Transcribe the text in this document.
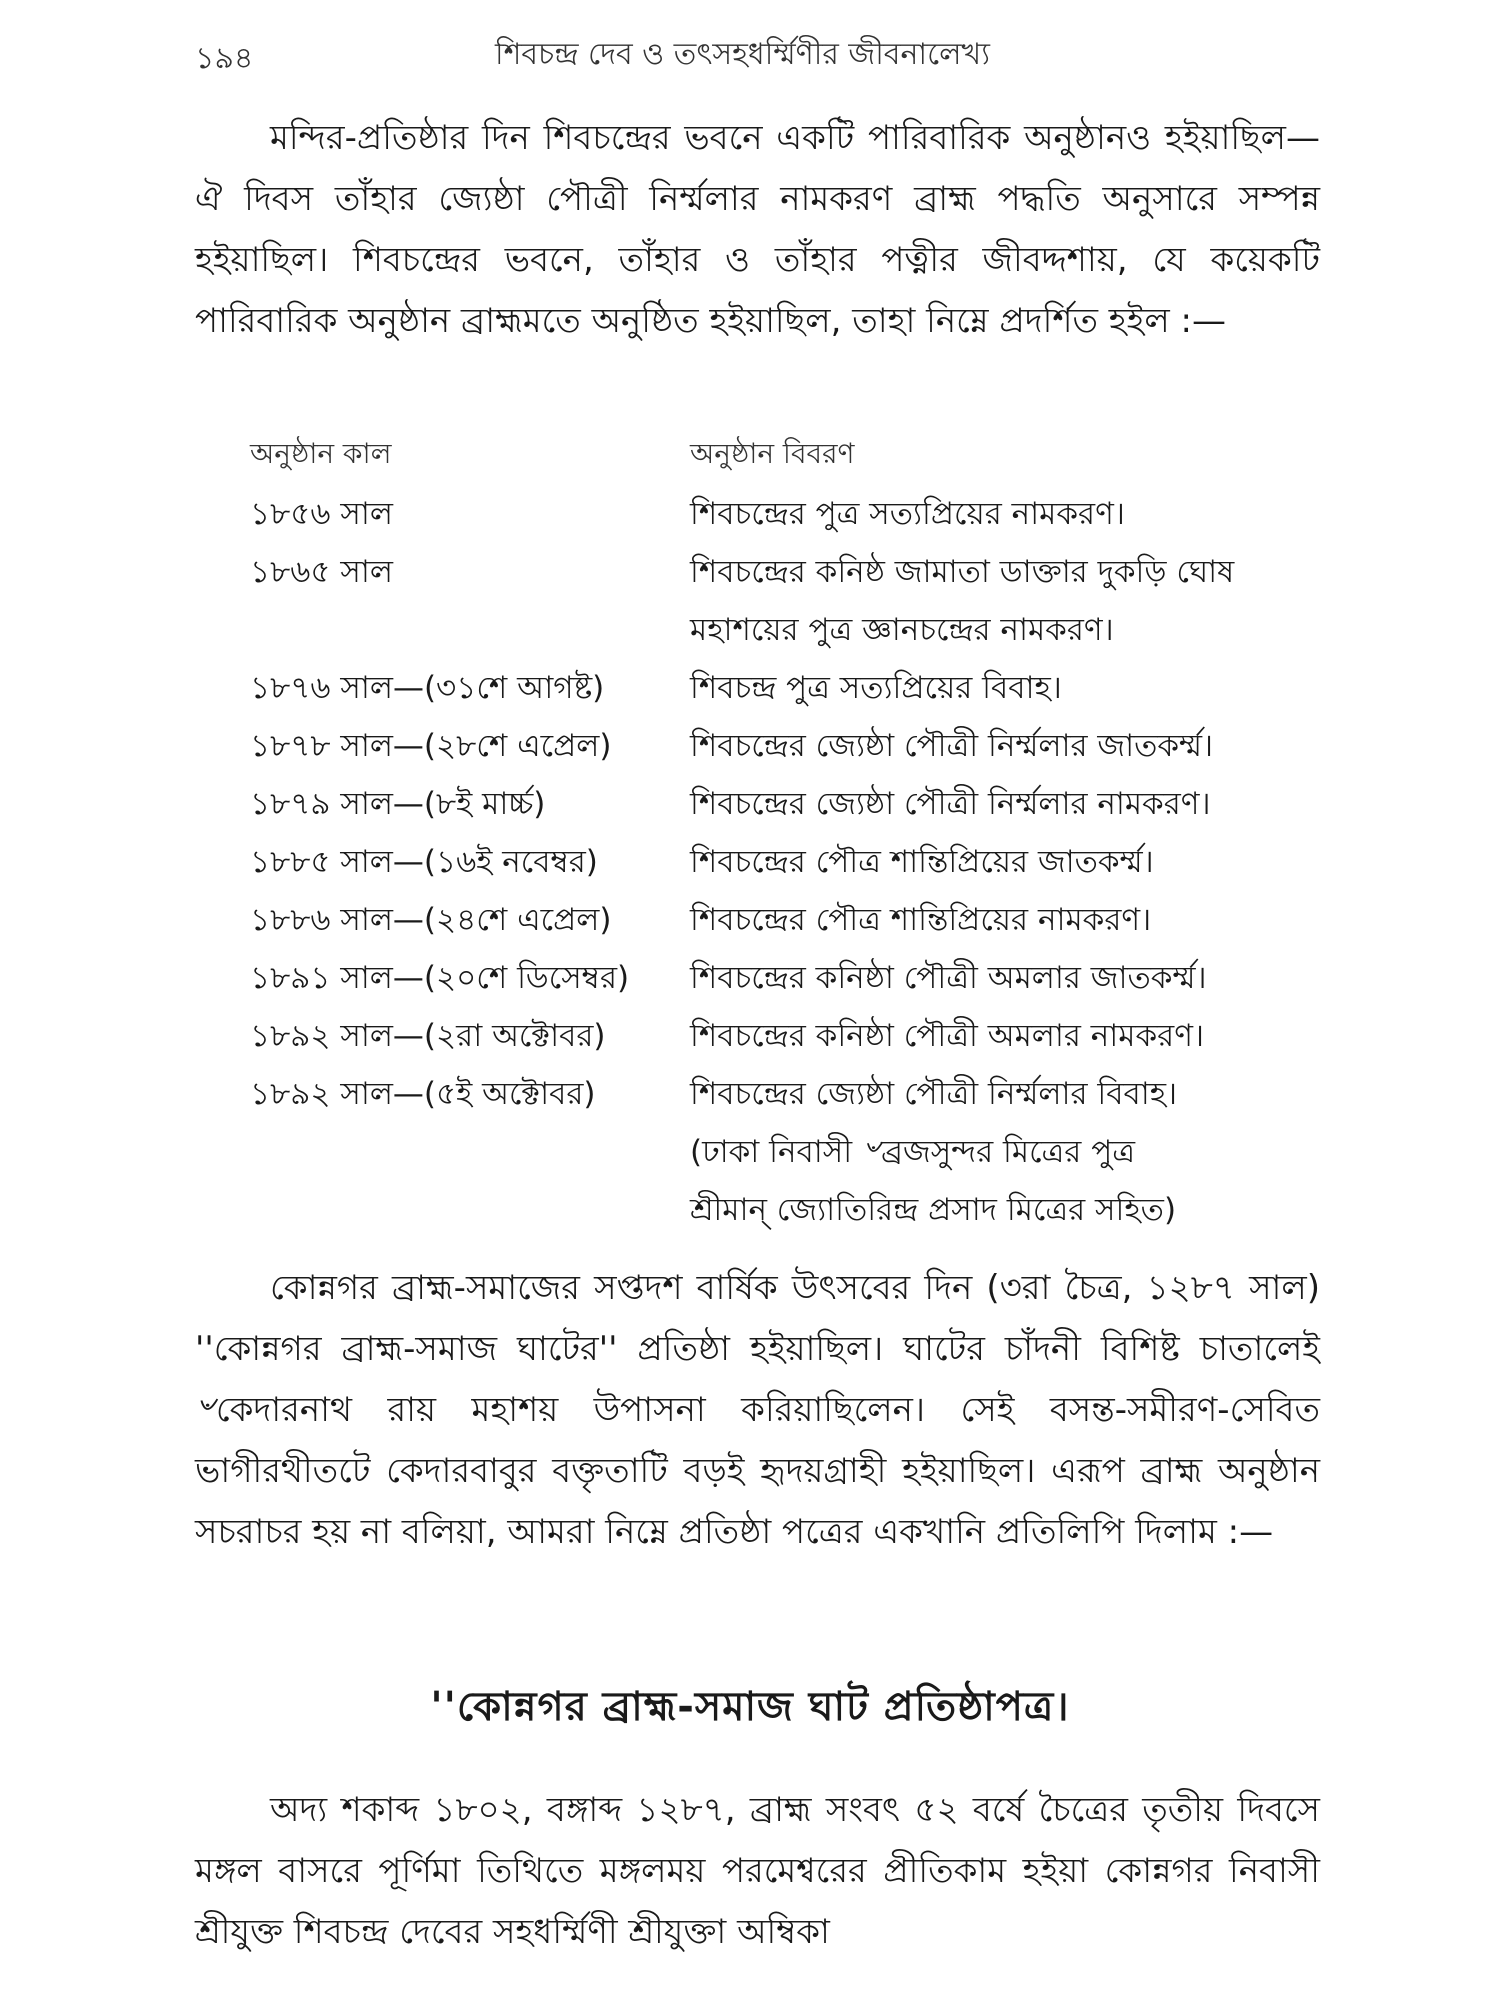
১৯৪	শিবচন্দ্র দেব ও তৎসহধর্ম্মিণীর জীবনালেখ্য

মন্দির-প্রতিষ্ঠার দিন শিবচন্দ্রের ভবনে একটি পারিবারিক অনুষ্ঠানও হইয়াছিল—ঐ দিবস তাঁহার জ্যেষ্ঠা পৌত্রী নির্ম্মলার নামকরণ ব্রাহ্ম পদ্ধতি অনুসারে সম্পন্ন হইয়াছিল। শিবচন্দ্রের ভবনে, তাঁহার ও তাঁহার পত্নীর জীবদ্দশায়, যে কয়েকটি পারিবারিক অনুষ্ঠান ব্রাহ্মমতে অনুষ্ঠিত হইয়াছিল, তাহা নিম্নে প্রদর্শিত হইল :—

অনুষ্ঠান কাল	অনুষ্ঠান বিবরণ
১৮৫৬ সাল	শিবচন্দ্রের পুত্র সত্যপ্রিয়ের নামকরণ।
১৮৬৫ সাল	শিবচন্দ্রের কনিষ্ঠ জামাতা ডাক্তার দুকড়ি ঘোষ
মহাশয়ের পুত্র জ্ঞানচন্দ্রের নামকরণ।
১৮৭৬ সাল—(৩১শে আগষ্ট)	শিবচন্দ্র পুত্র সত্যপ্রিয়ের বিবাহ।
১৮৭৮ সাল—(২৮শে এপ্রেল)	শিবচন্দ্রের জ্যেষ্ঠা পৌত্রী নির্ম্মলার জাতকর্ম্ম।
১৮৭৯ সাল—(৮ই মার্চ্চ)	শিবচন্দ্রের জ্যেষ্ঠা পৌত্রী নির্ম্মলার নামকরণ।
১৮৮৫ সাল—(১৬ই নবেম্বর)	শিবচন্দ্রের পৌত্র শান্তিপ্রিয়ের জাতকর্ম্ম।
১৮৮৬ সাল—(২৪শে এপ্রেল)	শিবচন্দ্রের পৌত্র শান্তিপ্রিয়ের নামকরণ।
১৮৯১ সাল—(২০শে ডিসেম্বর)	শিবচন্দ্রের কনিষ্ঠা পৌত্রী অমলার জাতকর্ম্ম।
১৮৯২ সাল—(২রা অক্টোবর)	শিবচন্দ্রের কনিষ্ঠা পৌত্রী অমলার নামকরণ।
১৮৯২ সাল—(৫ই অক্টোবর)	শিবচন্দ্রের জ্যেষ্ঠা পৌত্রী নির্ম্মলার বিবাহ।
(ঢাকা নিবাসী ৺ব্রজসুন্দর মিত্রের পুত্র
শ্রীমান্ জ্যোতিরিন্দ্র প্রসাদ মিত্রের সহিত)

কোন্নগর ব্রাহ্ম-সমাজের সপ্তদশ বার্ষিক উৎসবের দিন (৩রা চৈত্র, ১২৮৭ সাল) ''কোন্নগর ব্রাহ্ম-সমাজ ঘাটের'' প্রতিষ্ঠা হইয়াছিল। ঘাটের চাঁদনী বিশিষ্ট চাতালেই ৺কেদারনাথ রায় মহাশয় উপাসনা করিয়াছিলেন। সেই বসন্ত-সমীরণ-সেবিত ভাগীরথীতটে কেদারবাবুর বক্তৃতাটি বড়ই হৃদয়গ্রাহী হইয়াছিল। এরূপ ব্রাহ্ম অনুষ্ঠান সচরাচর হয় না বলিয়া, আমরা নিম্নে প্রতিষ্ঠা পত্রের একখানি প্রতিলিপি দিলাম :—

''কোন্নগর ব্রাহ্ম-সমাজ ঘাট প্রতিষ্ঠাপত্র।

অদ্য শকাব্দ ১৮০২, বঙ্গাব্দ ১২৮৭, ব্রাহ্ম সংবৎ ৫২ বর্ষে চৈত্রের তৃতীয় দিবসে মঙ্গল বাসরে পূর্ণিমা তিথিতে মঙ্গলময় পরমেশ্বরের প্রীতিকাম হইয়া কোন্নগর নিবাসী শ্রীযুক্ত শিবচন্দ্র দেবের সহধর্ম্মিণী শ্রীযুক্তা অম্বিকা
